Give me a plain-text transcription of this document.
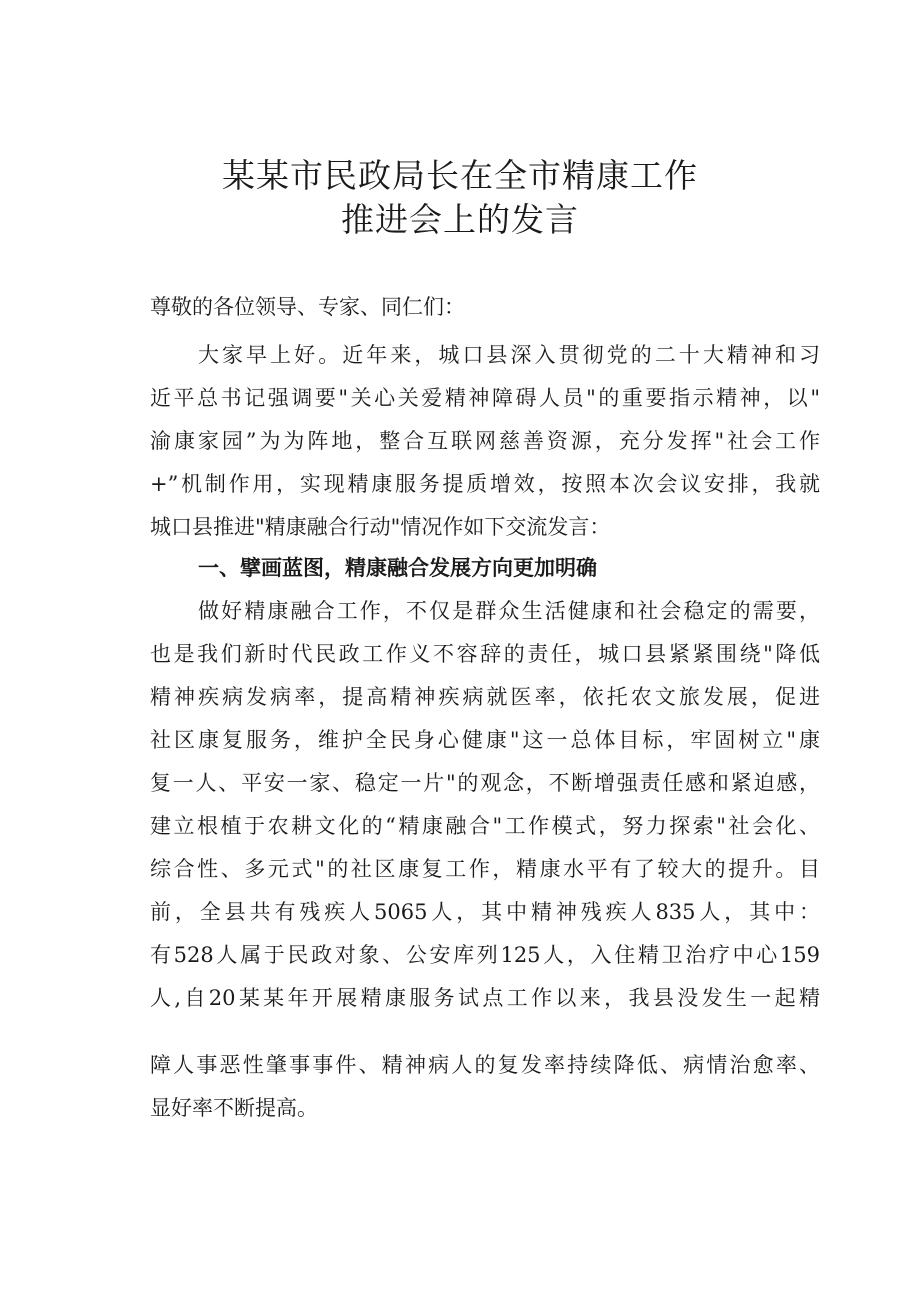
某某市民政局长在全市精康工作
推进会上的发言
尊敬的各位领导、专家、同仁们：
大家早上好。近年来，城口县深入贯彻党的二十大精神和习
近平总书记强调要"关心关爱精神障碍人员"的重要指示精神，以"
渝康家园”为为阵地，整合互联网慈善资源，充分发挥"社会工作
+”机制作用，实现精康服务提质增效，按照本次会议安排，我就
城口县推进"精康融合行动"情况作如下交流发言：
一、擘画蓝图，精康融合发展方向更加明确
做好精康融合工作，不仅是群众生活健康和社会稳定的需要，
也是我们新时代民政工作义不容辞的责任，城口县紧紧围绕"降低
精神疾病发病率，提高精神疾病就医率，依托农文旅发展，促进
社区康复服务，维护全民身心健康"这一总体目标，牢固树立"康
复一人、平安一家、稳定一片"的观念，不断增强责任感和紧迫感，
建立根植于农耕文化的“精康融合"工作模式，努力探索"社会化、
综合性、多元式"的社区康复工作，精康水平有了较大的提升。目
前，全县共有残疾人5065人，其中精神残疾人835人，其中：
有528人属于民政对象、公安库列125人，入住精卫治疗中心159
人,自20某某年开展精康服务试点工作以来，我县没发生一起精
障人事恶性肇事事件、精神病人的复发率持续降低、病情治愈率、
显好率不断提高。
